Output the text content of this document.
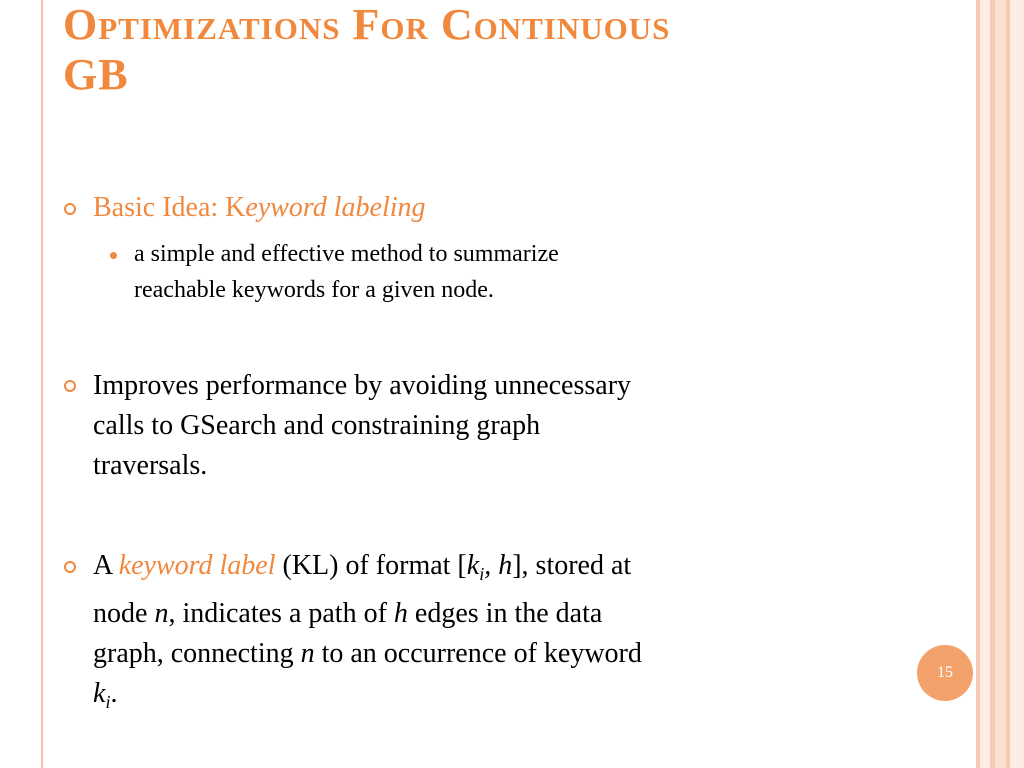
Optimizations For Continuous
GB
Basic Idea: Keyword labeling
a simple and effective method to summarize
reachable keywords for a given node.
Improves performance by avoiding unnecessary
calls to GSearch and constraining graph
traversals.
A keyword label (KL) of format [$k_i$, h], stored at
node n, indicates a path of h edges in the data
graph, connecting n to an occurrence of keyword
$k_i$.
15
